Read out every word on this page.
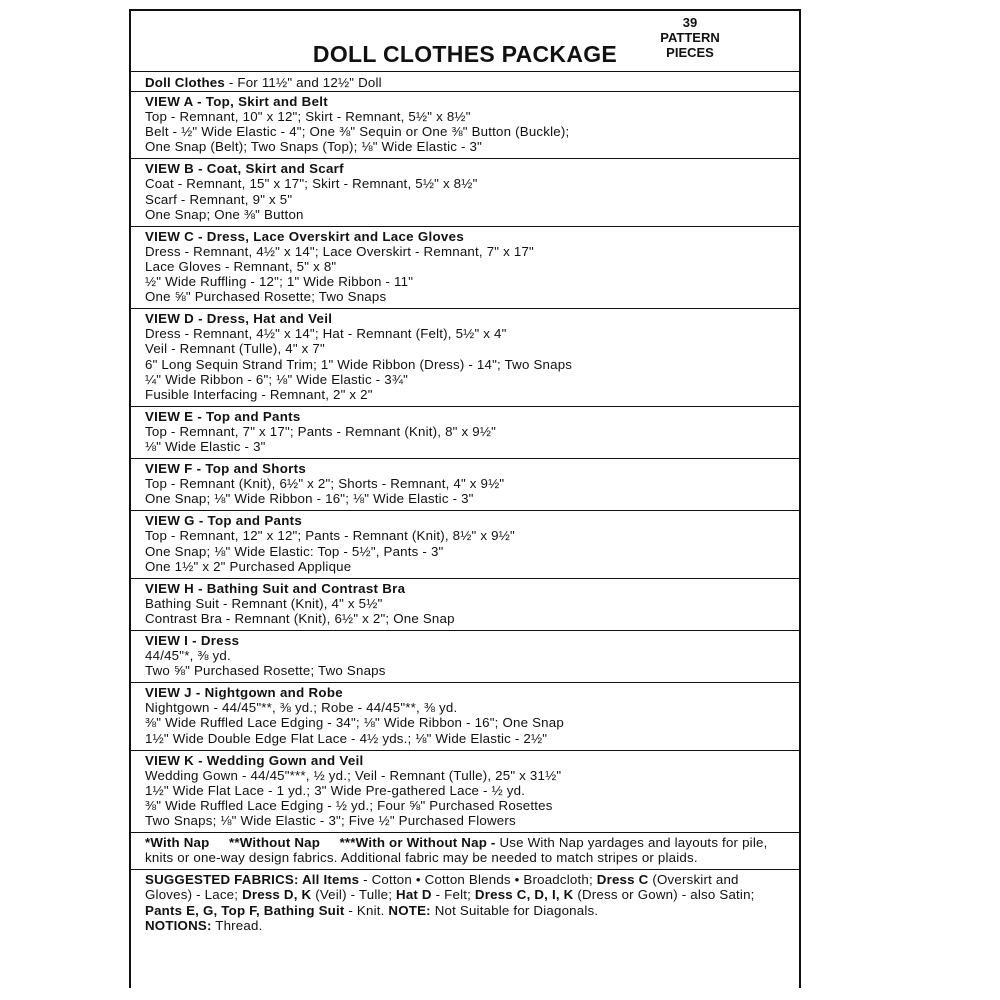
DOLL CLOTHES PACKAGE
39
PATTERN
PIECES
Doll Clothes - For 11½" and 12½" Doll
VIEW A - Top, Skirt and Belt
Top - Remnant, 10" x 12"; Skirt - Remnant, 5½" x 8½"
Belt - ½" Wide Elastic - 4"; One ⅜" Sequin or One ⅜" Button (Buckle);
One Snap (Belt); Two Snaps (Top); ⅛" Wide Elastic - 3"
VIEW B - Coat, Skirt and Scarf
Coat - Remnant, 15" x 17"; Skirt - Remnant, 5½" x 8½"
Scarf - Remnant, 9" x 5"
One Snap; One ⅜" Button
VIEW C - Dress, Lace Overskirt and Lace Gloves
Dress - Remnant, 4½" x 14"; Lace Overskirt - Remnant, 7" x 17"
Lace Gloves - Remnant, 5" x 8"
½" Wide Ruffling - 12"; 1" Wide Ribbon - 11"
One ⅝" Purchased Rosette; Two Snaps
VIEW D - Dress, Hat and Veil
Dress - Remnant, 4½" x 14"; Hat - Remnant (Felt), 5½" x 4"
Veil - Remnant (Tulle), 4" x 7"
6" Long Sequin Strand Trim; 1" Wide Ribbon (Dress) - 14"; Two Snaps
¼" Wide Ribbon - 6"; ⅛" Wide Elastic - 3¾"
Fusible Interfacing - Remnant, 2" x 2"
VIEW E - Top and Pants
Top - Remnant, 7" x 17"; Pants - Remnant (Knit), 8" x 9½"
⅛" Wide Elastic - 3"
VIEW F - Top and Shorts
Top - Remnant (Knit), 6½" x 2"; Shorts - Remnant, 4" x 9½"
One Snap; ⅛" Wide Ribbon - 16"; ⅛" Wide Elastic - 3"
VIEW G - Top and Pants
Top - Remnant, 12" x 12"; Pants - Remnant (Knit), 8½" x 9½"
One Snap; ⅛" Wide Elastic: Top - 5½", Pants - 3"
One 1½" x 2" Purchased Applique
VIEW H - Bathing Suit and Contrast Bra
Bathing Suit - Remnant (Knit), 4" x 5½"
Contrast Bra - Remnant (Knit), 6½" x 2"; One Snap
VIEW I - Dress
44/45"*, ⅜ yd.
Two ⅝" Purchased Rosette; Two Snaps
VIEW J - Nightgown and Robe
Nightgown - 44/45"**, ⅜ yd.; Robe - 44/45"**, ⅜ yd.
⅜" Wide Ruffled Lace Edging - 34"; ⅛" Wide Ribbon - 16"; One Snap
1½" Wide Double Edge Flat Lace - 4½ yds.; ⅛" Wide Elastic - 2½"
VIEW K - Wedding Gown and Veil
Wedding Gown - 44/45"***, ½ yd.; Veil - Remnant (Tulle), 25" x 31½"
1½" Wide Flat Lace - 1 yd.; 3" Wide Pre-gathered Lace - ½ yd.
⅜" Wide Ruffled Lace Edging - ½ yd.; Four ⅝" Purchased Rosettes
Two Snaps; ⅛" Wide Elastic - 3"; Five ½" Purchased Flowers
*With Nap **Without Nap ***With or Without Nap - Use With Nap yardages and layouts for pile, knits or one-way design fabrics. Additional fabric may be needed to match stripes or plaids.
SUGGESTED FABRICS: All Items - Cotton • Cotton Blends • Broadcloth; Dress C (Overskirt and Gloves) - Lace; Dress D, K (Veil) - Tulle; Hat D - Felt; Dress C, D, I, K (Dress or Gown) - also Satin; Pants E, G, Top F, Bathing Suit - Knit. NOTE: Not Suitable for Diagonals.
NOTIONS: Thread.
